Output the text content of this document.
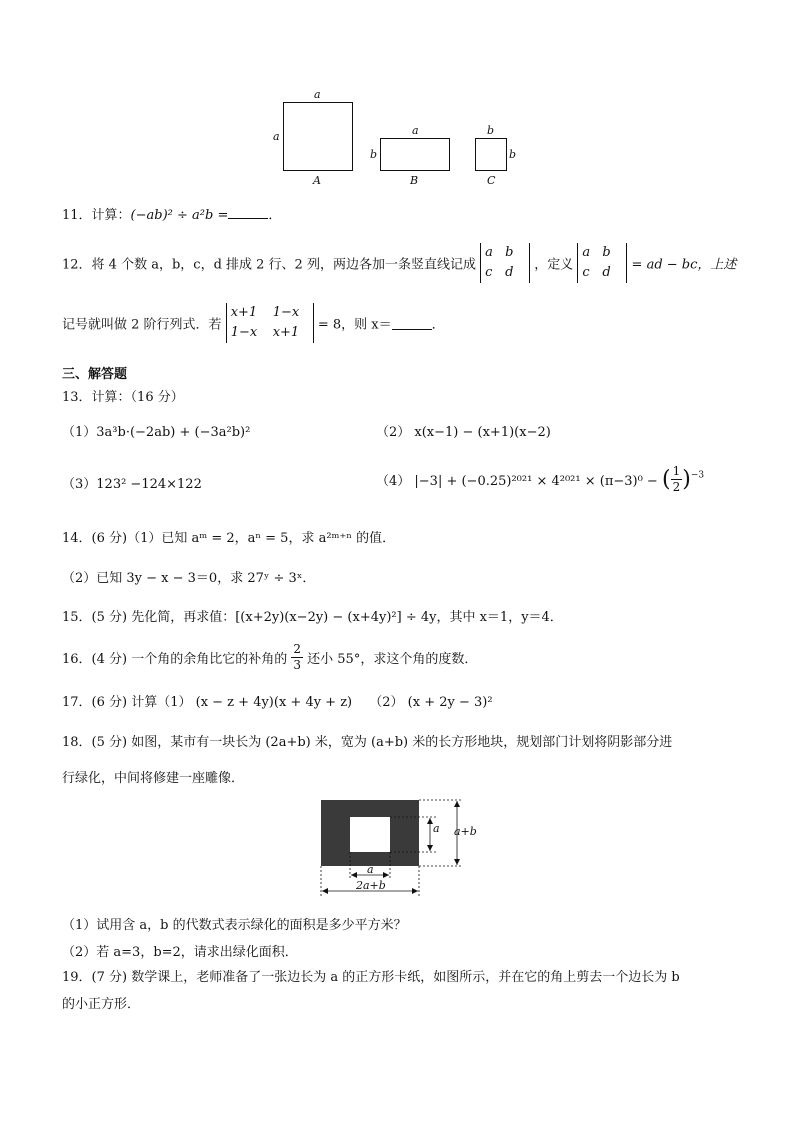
a
a
A
a
b
B
b
b
C
11．计算：(−ab)² ÷ a²b =	．
12．将 4 个数 a，b，c，d 排成 2 行、2 列，两边各加一条竖直线记成
a b
c d	，定义
a b
c d	= ad − bc，上述
记号就叫做 2 阶行列式．若
x+1 1−x
1−x x+1	= 8，则 x＝	．
三、解答题
13．计算：（16 分）
（1）3a³b·(−2ab) + (−3a²b)²	（2） x(x−1) − (x+1)(x−2)
（3）123² −124×122	（4） |−3| + (−0.25)²⁰²¹ × 4²⁰²¹ × (π−3)⁰ − ( $\frac{1}{2} )^{-3}$
14．(6 分)（1）已知 aᵐ = 2，aⁿ = 5，求 a²ᵐ⁺ⁿ 的值．
（2）已知 3y − x − 3＝0，求 27ʸ ÷ 3ˣ．
15．(5 分) 先化简，再求值：[(x+2y)(x−2y) − (x+4y)²] ÷ 4y，其中 x＝1，y＝4．
16．(4 分) 一个角的余角比它的补角的 $\frac{2}{3}$ 还小 55°，求这个角的度数．
17．(6 分) 计算（1） (x − z + 4y)(x + 4y + z)　 （2） (x + 2y − 3)²
18．(5 分) 如图，某市有一块长为 (2a+b) 米，宽为 (a+b) 米的长方形地块，规划部门计划将阴影部分进
行绿化，中间将修建一座雕像．
a a+b
a
2a+b
（1）试用含 a，b 的代数式表示绿化的面积是多少平方米？
（2）若 a=3，b=2，请求出绿化面积．
19．(7 分) 数学课上，老师准备了一张边长为 a 的正方形卡纸，如图所示，并在它的角上剪去一个边长为 b
的小正方形．
